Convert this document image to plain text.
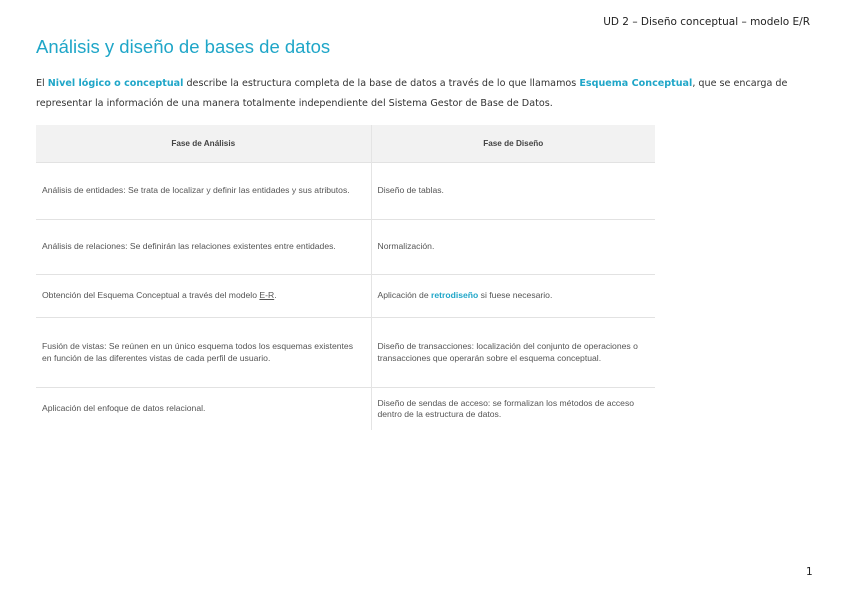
UD 2 – Diseño conceptual – modelo E/R
Análisis y diseño de bases de datos

El Nivel lógico o conceptual describe la estructura completa de la base de datos a través de lo que llamamos Esquema Conceptual, que se encarga de representar la información de una manera totalmente independiente del Sistema Gestor de Base de Datos.

Fase de Análisis	Fase de Diseño
Análisis de entidades: Se trata de localizar y definir las entidades y sus atributos.	Diseño de tablas.
Análisis de relaciones: Se definirán las relaciones existentes entre entidades.	Normalización.
Obtención del Esquema Conceptual a través del modelo E-R.	Aplicación de retrodiseño si fuese necesario.
Fusión de vistas: Se reúnen en un único esquema todos los esquemas existentes en función de las diferentes vistas de cada perfil de usuario.	Diseño de transacciones: localización del conjunto de operaciones o transacciones que operarán sobre el esquema conceptual.
Aplicación del enfoque de datos relacional.	Diseño de sendas de acceso: se formalizan los métodos de acceso dentro de la estructura de datos.
1
